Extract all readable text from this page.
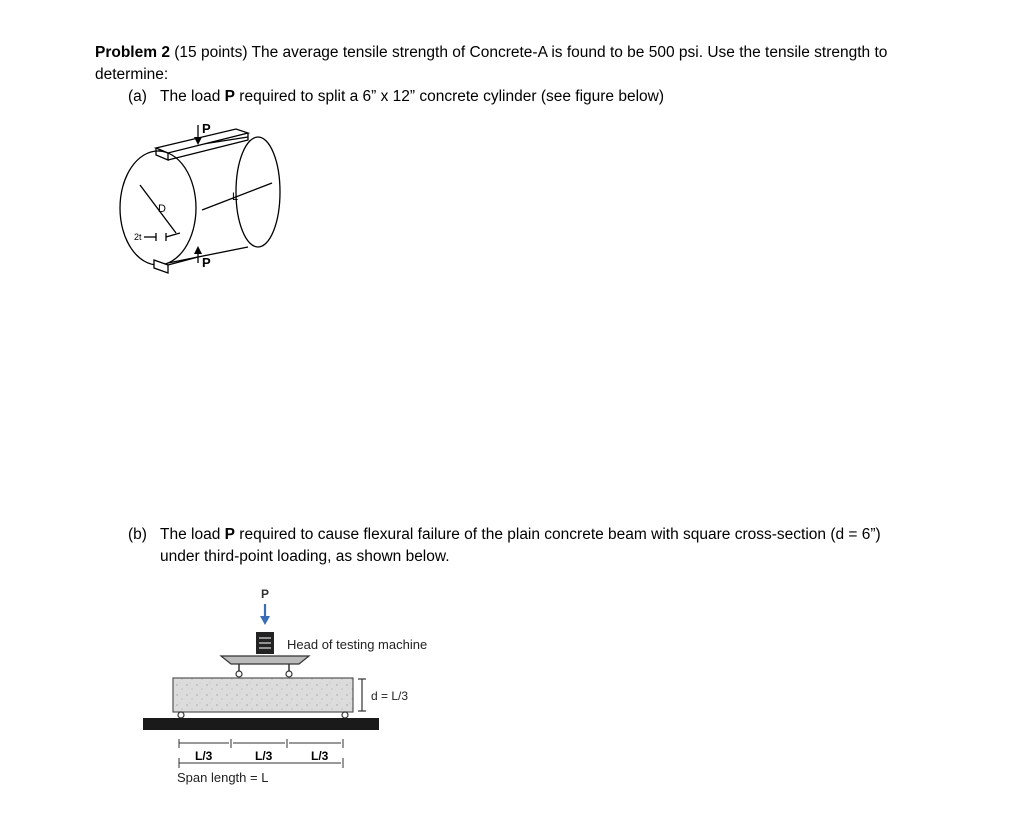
Problem 2 (15 points) The average tensile strength of Concrete-A is found to be 500 psi. Use the tensile strength to
determine:
(a) The load P required to split a 6” x 12” concrete cylinder (see figure below)
P
P
D
L
2t
(b) The load P required to cause flexural failure of the plain concrete beam with square cross-section (d = 6”)
under third-point loading, as shown below.
P
Head of testing machine
d = L/3
L/3	L/3	L/3
Span length = L
